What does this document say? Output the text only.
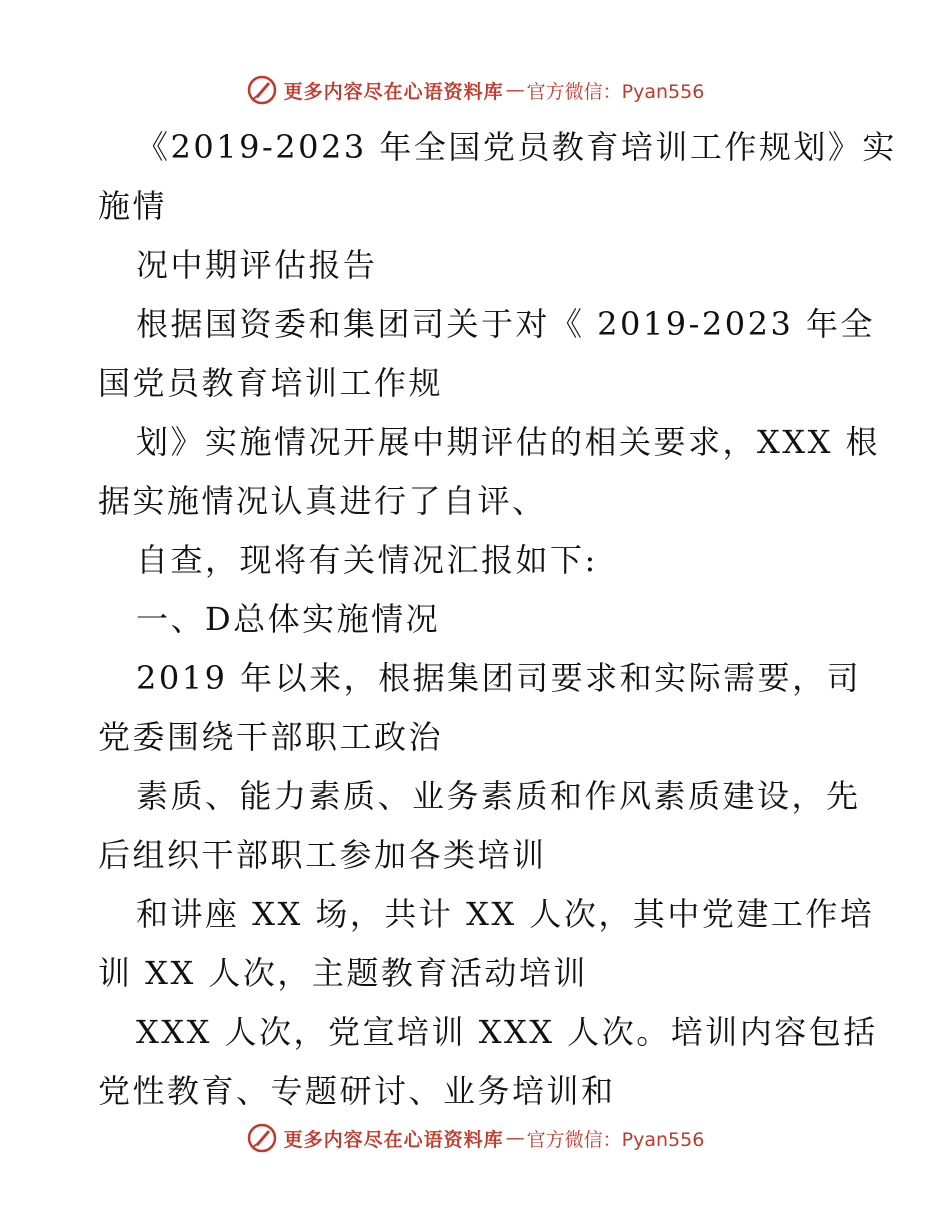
更多内容尽在心语资料库 — 官方微信：Pyan556

《2019-2023 年全国党员教育培训工作规划》实

施情

况中期评估报告

根据国资委和集团司关于对《 2019-2023 年全

国党员教育培训工作规

划》实施情况开展中期评估的相关要求，XXX 根

据实施情况认真进行了自评、

自查，现将有关情况汇报如下:

一、D总体实施情况

2019 年以来，根据集团司要求和实际需要，司

党委围绕干部职工政治

素质、能力素质、业务素质和作风素质建设，先

后组织干部职工参加各类培训

和讲座 XX 场，共计 XX 人次，其中党建工作培

训 XX 人次，主题教育活动培训

XXX 人次，党宣培训 XXX 人次。培训内容包括

党性教育、专题研讨、业务培训和

更多内容尽在心语资料库 — 官方微信：Pyan556
